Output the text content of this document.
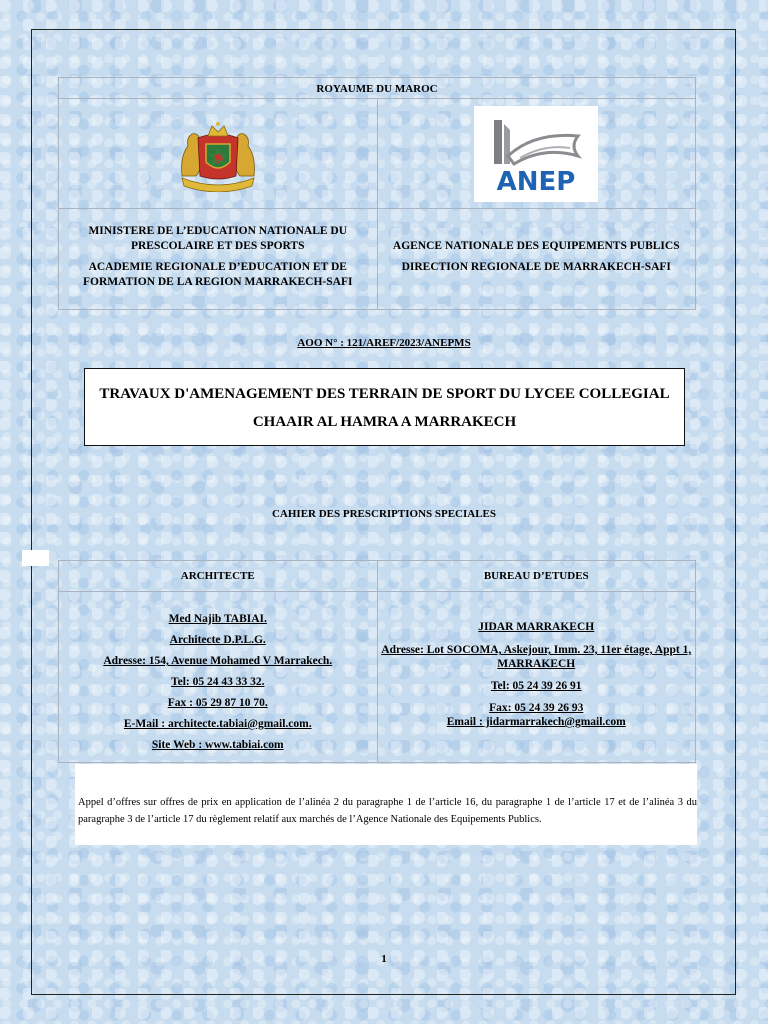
ROYAUME DU MAROC
ANEP

MINISTERE DE L’EDUCATION NATIONALE DU PRESCOLAIRE ET DES SPORTS

ACADEMIE REGIONALE D’EDUCATION ET DE FORMATION DE LA REGION MARRAKECH-SAFI

AGENCE NATIONALE DES EQUIPEMENTS PUBLICS

DIRECTION REGIONALE DE MARRAKECH-SAFI

AOO N° : 121/AREF/2023/ANEPMS
TRAVAUX D'AMENAGEMENT DES TERRAIN DE SPORT DU LYCEE COLLEGIAL
CHAAIR AL HAMRA A MARRAKECH
CAHIER DES PRESCRIPTIONS SPECIALES
ARCHITECTE	BUREAU D’ETUDES
Med Najib TABIAI.
Architecte D.P.L.G.
Adresse: 154, Avenue Mohamed V Marrakech.
Tel: 05 24 43 33 32.
Fax : 05 29 87 10 70.
E-Mail : architecte.tabiai@gmail.com.
Site Web : www.tabiai.com
JIDAR MARRAKECH
Adresse: Lot SOCOMA, Askejour, Imm. 23, 11er étage, Appt 1, MARRAKECH
Tel: 05 24 39 26 91
Fax: 05 24 39 26 93
Email : jidarmarrakech@gmail.com
Appel d’offres sur offres de prix en application de l’alinéa 2 du paragraphe 1 de l’article 16, du paragraphe 1 de l’article 17 et de l’alinéa 3 du paragraphe 3 de l’article 17 du règlement relatif aux marchés de l’Agence Nationale des Equipements Publics.
1
